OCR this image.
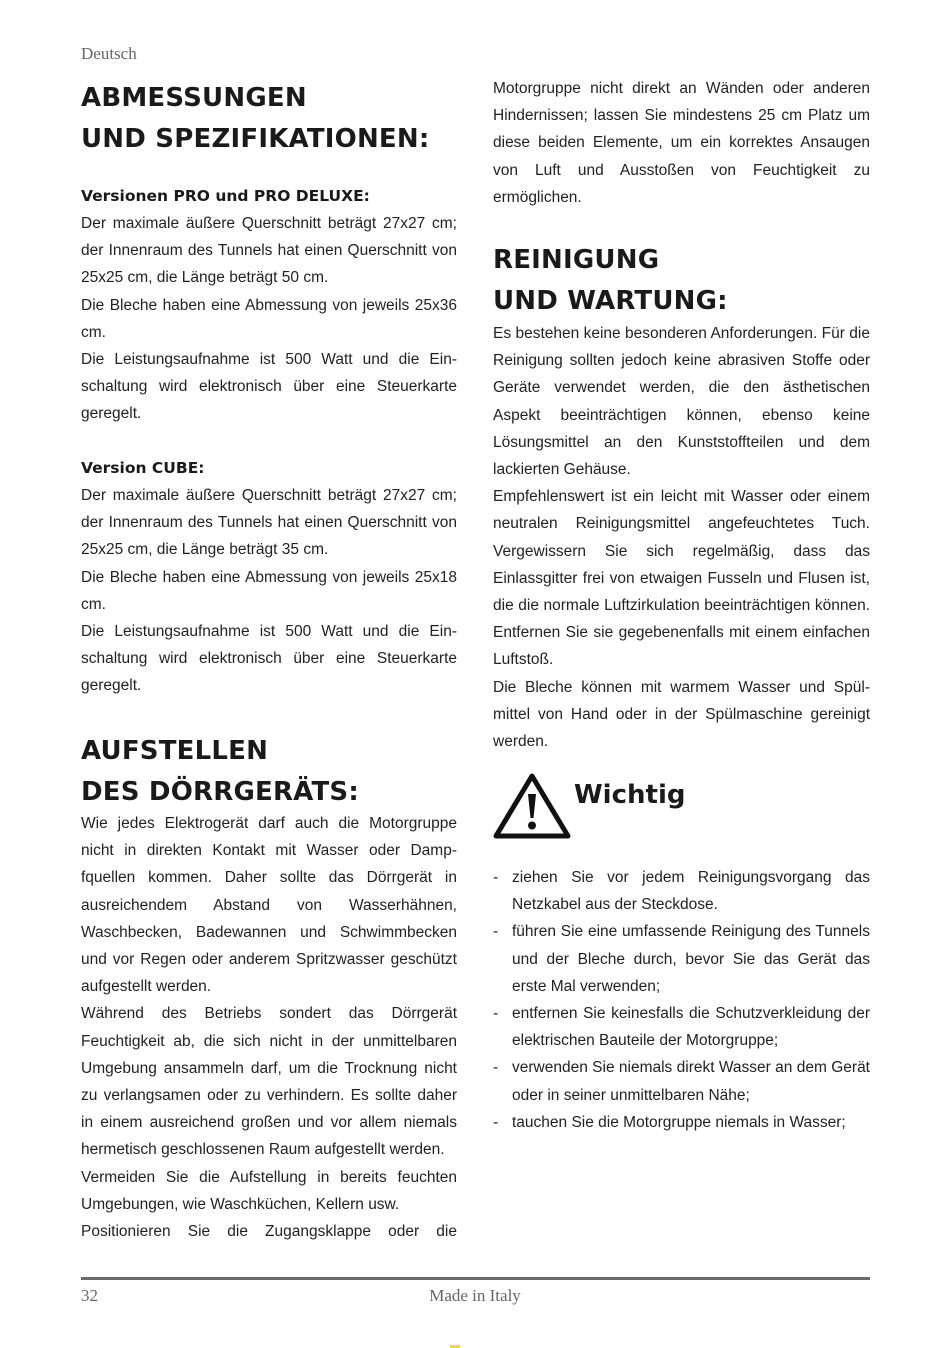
Deutsch
ABMESSUNGEN
UND SPEZIFIKATIONEN:
Versionen PRO und PRO DELUXE:

Der maximale äußere Querschnitt beträgt 27x27 cm; der Innenraum des Tunnels hat einen Querschnitt von 25x25 cm, die Länge beträgt 50 cm.

Die Bleche haben eine Abmessung von jeweils 25x36 cm.

Die Leistungsaufnahme ist 500 Watt und die Einschaltung wird elektronisch über eine Steuerkarte geregelt.

Version CUBE:

Der maximale äußere Querschnitt beträgt 27x27 cm; der Innenraum des Tunnels hat einen Querschnitt von 25x25 cm, die Länge beträgt 35 cm.

Die Bleche haben eine Abmessung von jeweils 25x18 cm.

Die Leistungsaufnahme ist 500 Watt und die Einschaltung wird elektronisch über eine Steuerkarte geregelt.

AUFSTELLEN
DES DÖRRGERÄTS:

Wie jedes Elektrogerät darf auch die Motorgruppe nicht in direkten Kontakt mit Wasser oder Dampfquellen kommen. Daher sollte das Dörrgerät in ausreichendem Abstand von Wasserhähnen, Waschbecken, Badewannen und Schwimmbecken und vor Regen oder anderem Spritzwasser geschützt aufgestellt werden.

Während des Betriebs sondert das Dörrgerät Feuchtigkeit ab, die sich nicht in der unmittelbaren Umgebung ansammeln darf, um die Trocknung nicht zu verlangsamen oder zu verhindern. Es sollte daher in einem ausreichend großen und vor allem niemals hermetisch geschlossenen Raum aufgestellt werden.

Vermeiden Sie die Aufstellung in bereits feuchten Umgebungen, wie Waschküchen, Kellern usw.

Positionieren Sie die Zugangsklappe oder die

Motorgruppe nicht direkt an Wänden oder anderen Hindernissen; lassen Sie mindestens 25 cm Platz um diese beiden Elemente, um ein korrektes Ansaugen von Luft und Ausstoßen von Feuchtigkeit zu ermöglichen.

REINIGUNG
UND WARTUNG:

Es bestehen keine besonderen Anforderungen. Für die Reinigung sollten jedoch keine abrasiven Stoffe oder Geräte verwendet werden, die den ästhetischen Aspekt beeinträchtigen können, ebenso keine Lösungsmittel an den Kunststoffteilen und dem lackierten Gehäuse.

Empfehlenswert ist ein leicht mit Wasser oder einem neutralen Reinigungsmittel angefeuchtetes Tuch. Vergewissern Sie sich regelmäßig, dass das Einlassgitter frei von etwaigen Fusseln und Flusen ist, die die normale Luftzirkulation beeinträchtigen können. Entfernen Sie sie gegebenenfalls mit einem einfachen Luftstoß.

Die Bleche können mit warmem Wasser und Spülmittel von Hand oder in der Spülmaschine gereinigt werden.

Wichtig
- ziehen Sie vor jedem Reinigungsvorgang das Netzkabel aus der Steckdose.
- führen Sie eine umfassende Reinigung des Tunnels und der Bleche durch, bevor Sie das Gerät das erste Mal verwenden;
- entfernen Sie keinesfalls die Schutzverkleidung der elektrischen Bauteile der Motorgruppe;
- verwenden Sie niemals direkt Wasser an dem Gerät oder in seiner unmittelbaren Nähe;
- tauchen Sie die Motorgruppe niemals in Wasser;
32	Made in Italy
